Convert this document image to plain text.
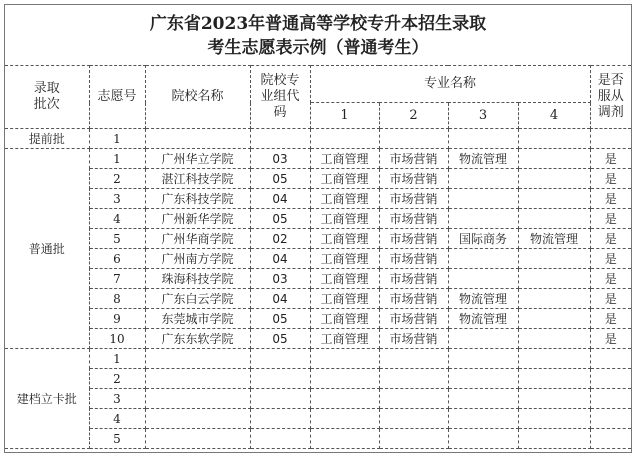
广东省2023年普通高等学校专升本招生录取
考生志愿表示例（普通考生）
录取批次	志愿号	院校名称	院校专业组代码	专业名称				是否服从调剂
				1	2	3	4	
提前批	1							
普通批	1	广州华立学院	03	工商管理	市场营销	物流管理		是
	2	湛江科技学院	05	工商管理	市场营销			是
	3	广东科技学院	04	工商管理	市场营销			是
	4	广州新华学院	05	工商管理	市场营销			是
	5	广州华商学院	02	工商管理	市场营销	国际商务	物流管理	是
	6	广州南方学院	04	工商管理	市场营销			是
	7	珠海科技学院	03	工商管理	市场营销			是
	8	广东白云学院	04	工商管理	市场营销	物流管理		是
	9	东莞城市学院	05	工商管理	市场营销	物流管理		是
	10	广东东软学院	05	工商管理	市场营销			是
建档立卡批	1							
	2							
	3							
	4							
	5							
